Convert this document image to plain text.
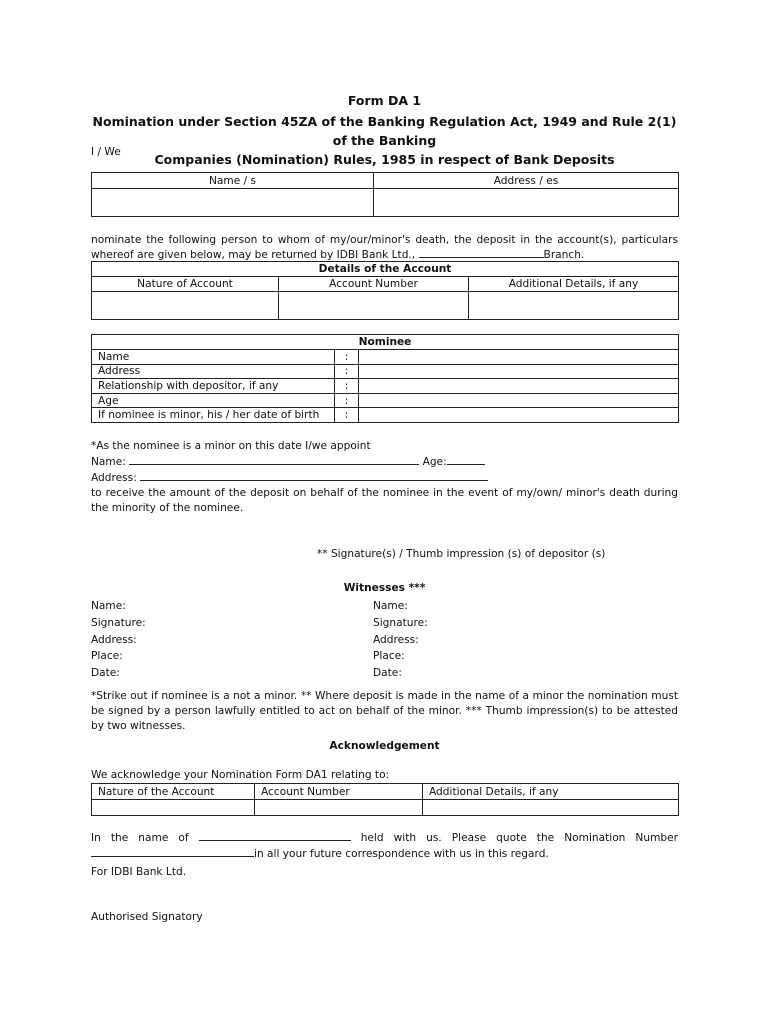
Form DA 1
Nomination under Section 45ZA of the Banking Regulation Act, 1949 and Rule 2(1) of the Banking
Companies (Nomination) Rules, 1985 in respect of Bank Deposits
I / We
Name / s	Address / es

nominate the following person to whom of my/our/minor's death, the deposit in the account(s), particulars
whereof are given below, may be returned by IDBI Bank Ltd.,	Branch.
Details of the Account		
Nature of Account	Account Number	Additional Details, if any

Nominee		
Name	:	
Address	:	
Relationship with depositor, if any	:	
Age	:	
If nominee is minor, his / her date of birth	:	
*As the nominee is a minor on this date I/we appoint
Name:	Age:
Address:
to receive the amount of the deposit on behalf of the nominee in the event of my/own/ minor's death during the minority of the nominee.
** Signature(s) / Thumb impression (s) of depositor (s)
Witnesses ***
Name:
Signature:
Address:
Place:
Date:
Name:
Signature:
Address:
Place:
Date:
*Strike out if nominee is a not a minor. ** Where deposit is made in the name of a minor the nomination must be signed by a person lawfully entitled to act on behalf of the minor. *** Thumb impression(s) to be attested by two witnesses.
Acknowledgement
We acknowledge your Nomination Form DA1 relating to:
Nature of the Account	Account Number	Additional Details, if any

In the name of	held with us. Please quote the Nomination Number
in all your future correspondence with us in this regard.
For IDBI Bank Ltd.
Authorised Signatory
